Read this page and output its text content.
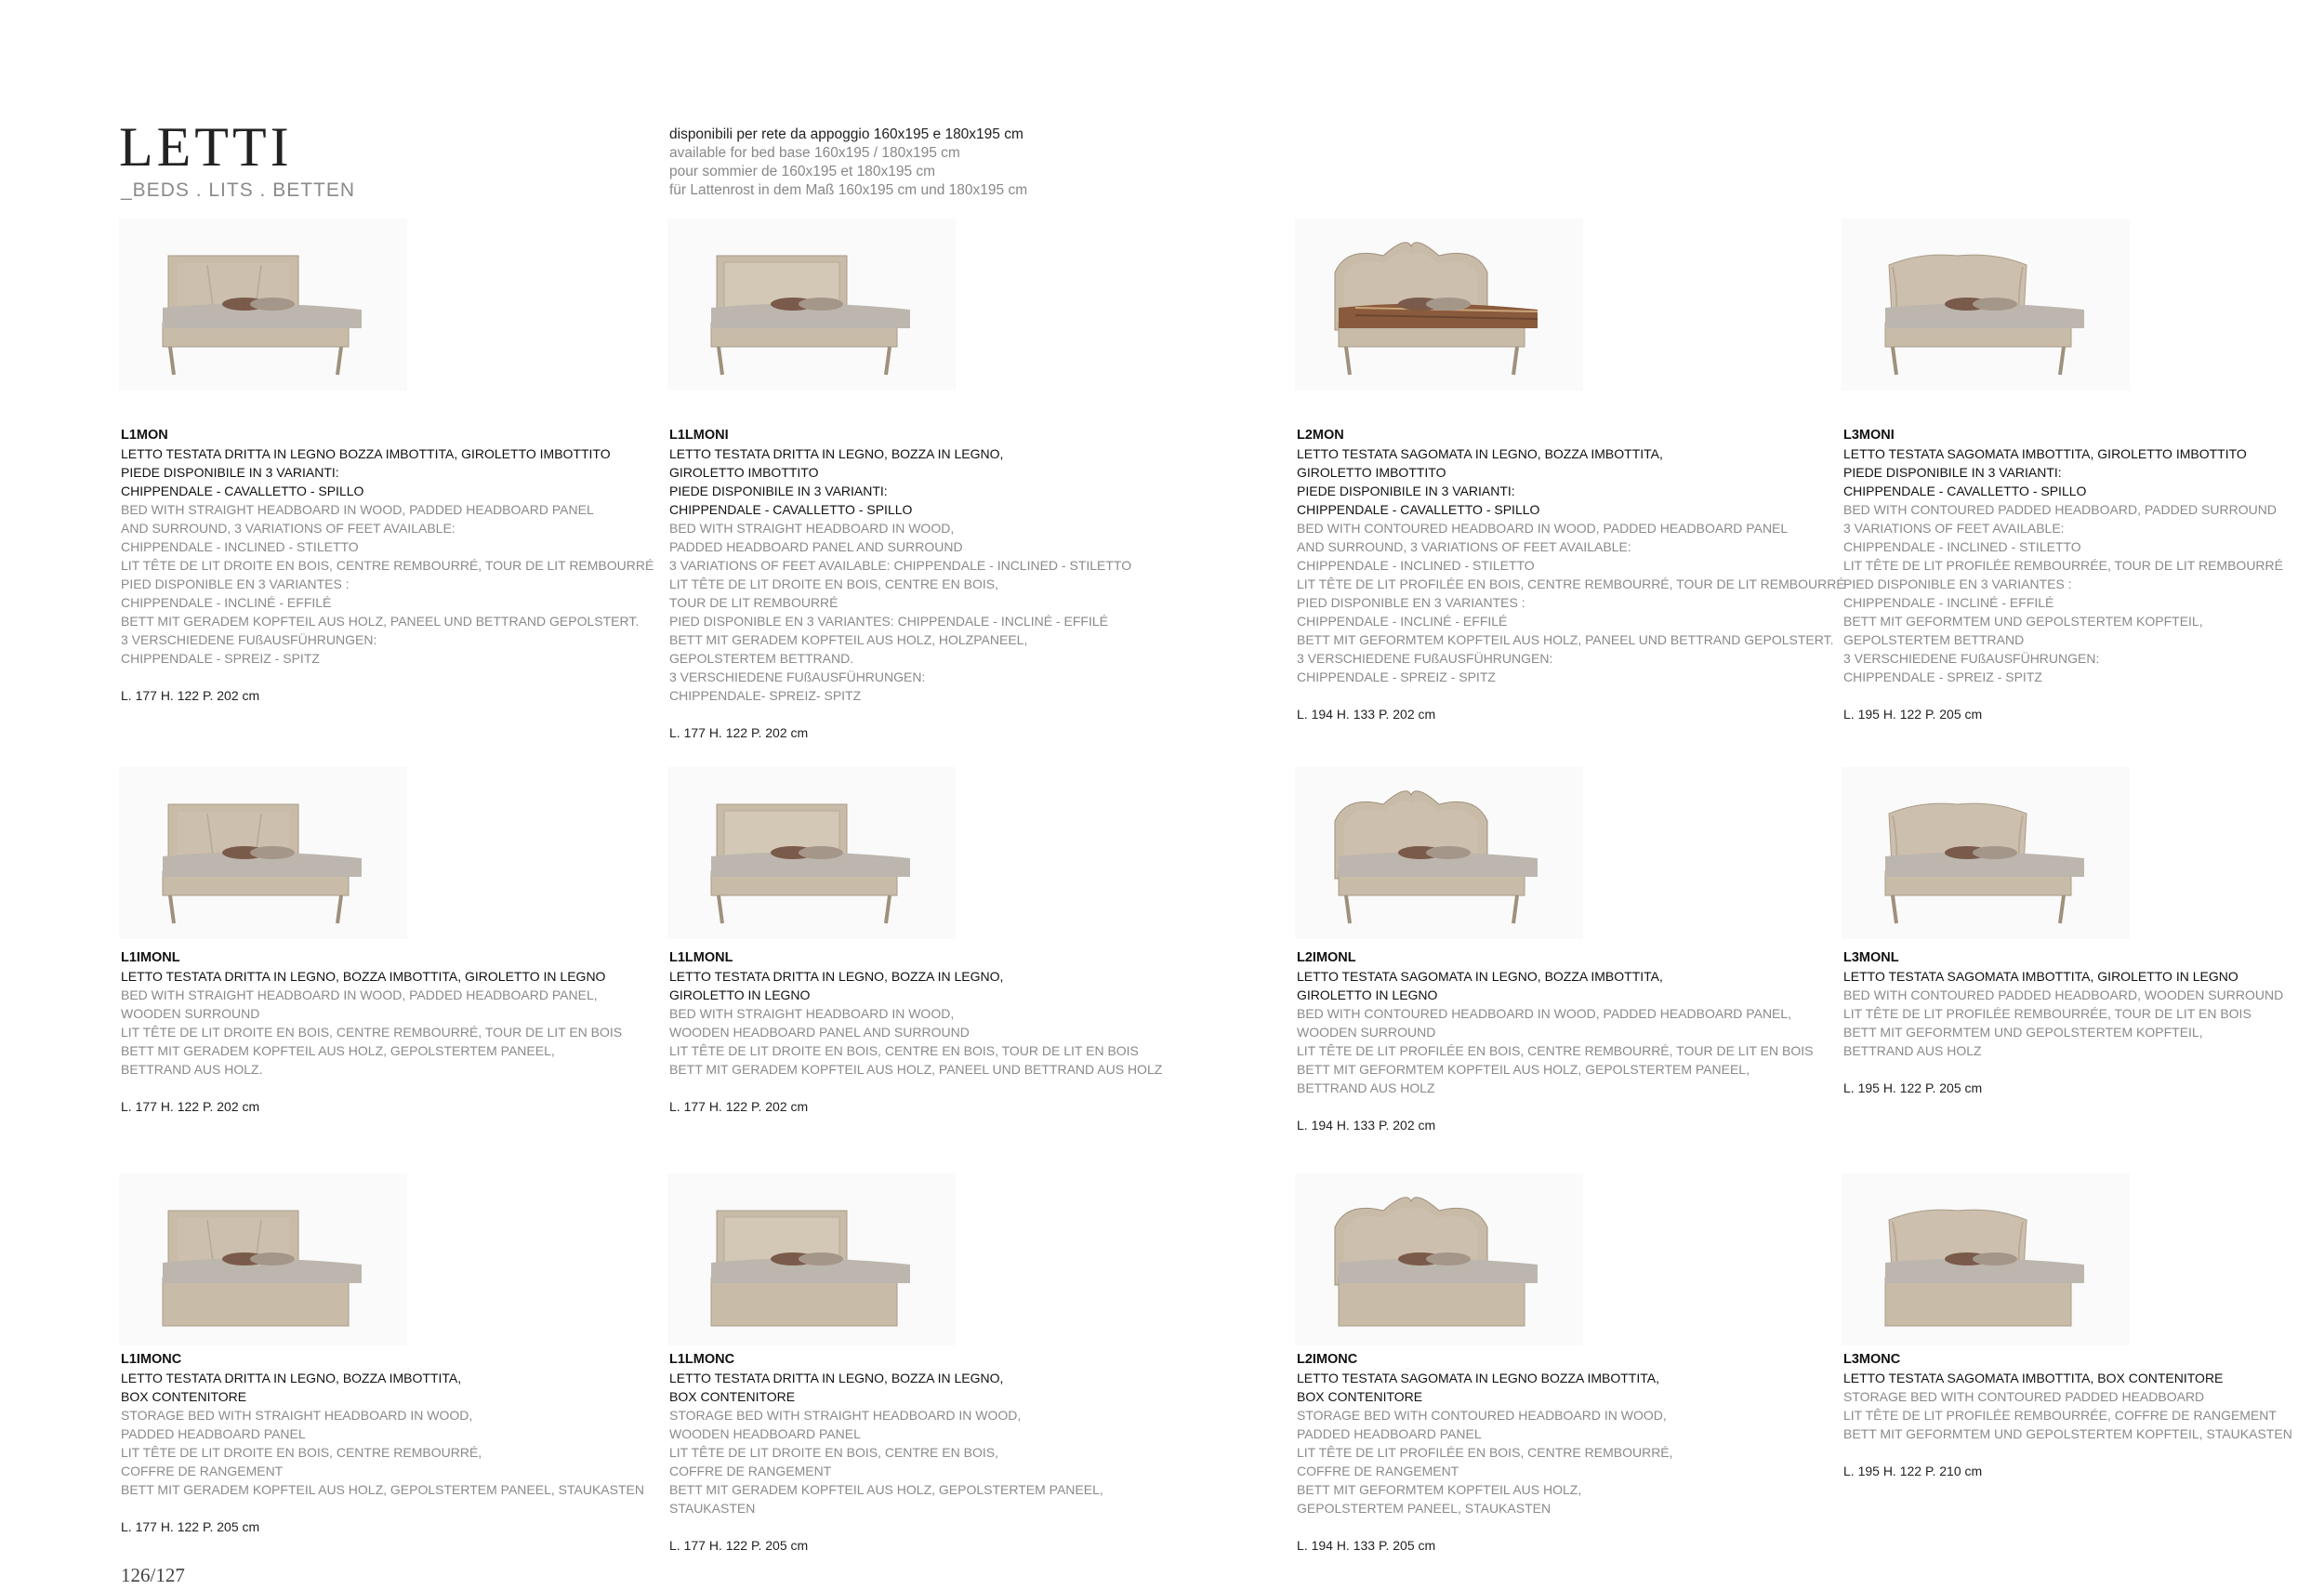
LETTI
_BEDS . LITS . BETTEN
disponibili per rete da appoggio 160x195 e 180x195 cm
available for bed base 160x195 / 180x195 cm
pour sommier de 160x195 et 180x195 cm
für Lattenrost in dem Maß 160x195 cm und 180x195 cm
L1MON
LETTO TESTATA DRITTA IN LEGNO BOZZA IMBOTTITA, GIROLETTO IMBOTTITO
PIEDE DISPONIBILE IN 3 VARIANTI:
CHIPPENDALE - CAVALLETTO - SPILLO
BED WITH STRAIGHT HEADBOARD IN WOOD, PADDED HEADBOARD PANEL
AND SURROUND, 3 VARIATIONS OF FEET AVAILABLE:
CHIPPENDALE - INCLINED - STILETTO
LIT TÊTE DE LIT DROITE EN BOIS, CENTRE REMBOURRÉ, TOUR DE LIT REMBOURRÉ
PIED DISPONIBLE EN 3 VARIANTES :
CHIPPENDALE - INCLINÉ - EFFILÉ
BETT MIT GERADEM KOPFTEIL AUS HOLZ, PANEEL UND BETTRAND GEPOLSTERT.
3 VERSCHIEDENE FUßAUSFÜHRUNGEN:
CHIPPENDALE - SPREIZ - SPITZ
L. 177 H. 122 P. 202 cm
L1LMONI
LETTO TESTATA DRITTA IN LEGNO, BOZZA IN LEGNO,
GIROLETTO IMBOTTITO
PIEDE DISPONIBILE IN 3 VARIANTI:
CHIPPENDALE - CAVALLETTO - SPILLO
BED WITH STRAIGHT HEADBOARD IN WOOD,
PADDED HEADBOARD PANEL AND SURROUND
3 VARIATIONS OF FEET AVAILABLE: CHIPPENDALE - INCLINED - STILETTO
LIT TÊTE DE LIT DROITE EN BOIS, CENTRE EN BOIS,
TOUR DE LIT REMBOURRÉ
PIED DISPONIBLE EN 3 VARIANTES: CHIPPENDALE - INCLINÉ - EFFILÉ
BETT MIT GERADEM KOPFTEIL AUS HOLZ, HOLZPANEEL,
GEPOLSTERTEM BETTRAND.
3 VERSCHIEDENE FUßAUSFÜHRUNGEN:
CHIPPENDALE- SPREIZ- SPITZ
L. 177 H. 122 P. 202 cm
L2MON
LETTO TESTATA SAGOMATA IN LEGNO, BOZZA IMBOTTITA,
GIROLETTO IMBOTTITO
PIEDE DISPONIBILE IN 3 VARIANTI:
CHIPPENDALE - CAVALLETTO - SPILLO
BED WITH CONTOURED HEADBOARD IN WOOD, PADDED HEADBOARD PANEL
AND SURROUND, 3 VARIATIONS OF FEET AVAILABLE:
CHIPPENDALE - INCLINED - STILETTO
LIT TÊTE DE LIT PROFILÉE EN BOIS, CENTRE REMBOURRÉ, TOUR DE LIT REMBOURRÉ
PIED DISPONIBLE EN 3 VARIANTES :
CHIPPENDALE - INCLINÉ - EFFILÉ
BETT MIT GEFORMTEM KOPFTEIL AUS HOLZ, PANEEL UND BETTRAND GEPOLSTERT.
3 VERSCHIEDENE FUßAUSFÜHRUNGEN:
CHIPPENDALE - SPREIZ - SPITZ
L. 194 H. 133 P. 202 cm
L3MONI
LETTO TESTATA SAGOMATA IMBOTTITA, GIROLETTO IMBOTTITO
PIEDE DISPONIBILE IN 3 VARIANTI:
CHIPPENDALE - CAVALLETTO - SPILLO
BED WITH CONTOURED PADDED HEADBOARD, PADDED SURROUND
3 VARIATIONS OF FEET AVAILABLE:
CHIPPENDALE - INCLINED - STILETTO
LIT TÊTE DE LIT PROFILÉE REMBOURRÉE, TOUR DE LIT REMBOURRÉ
PIED DISPONIBLE EN 3 VARIANTES :
CHIPPENDALE - INCLINÉ - EFFILÉ
BETT MIT GEFORMTEM UND GEPOLSTERTEM KOPFTEIL,
GEPOLSTERTEM BETTRAND
3 VERSCHIEDENE FUßAUSFÜHRUNGEN:
CHIPPENDALE - SPREIZ - SPITZ
L. 195 H. 122 P. 205 cm
L1IMONL
LETTO TESTATA DRITTA IN LEGNO, BOZZA IMBOTTITA, GIROLETTO IN LEGNO
BED WITH STRAIGHT HEADBOARD IN WOOD, PADDED HEADBOARD PANEL,
WOODEN SURROUND
LIT TÊTE DE LIT DROITE EN BOIS, CENTRE REMBOURRÉ, TOUR DE LIT EN BOIS
BETT MIT GERADEM KOPFTEIL AUS HOLZ, GEPOLSTERTEM PANEEL,
BETTRAND AUS HOLZ.
L. 177 H. 122 P. 202 cm
L1LMONL
LETTO TESTATA DRITTA IN LEGNO, BOZZA IN LEGNO,
GIROLETTO IN LEGNO
BED WITH STRAIGHT HEADBOARD IN WOOD,
WOODEN HEADBOARD PANEL AND SURROUND
LIT TÊTE DE LIT DROITE EN BOIS, CENTRE EN BOIS, TOUR DE LIT EN BOIS
BETT MIT GERADEM KOPFTEIL AUS HOLZ, PANEEL UND BETTRAND AUS HOLZ
L. 177 H. 122 P. 202 cm
L2IMONL
LETTO TESTATA SAGOMATA IN LEGNO, BOZZA IMBOTTITA,
GIROLETTO IN LEGNO
BED WITH CONTOURED HEADBOARD IN WOOD, PADDED HEADBOARD PANEL,
WOODEN SURROUND
LIT TÊTE DE LIT PROFILÉE EN BOIS, CENTRE REMBOURRÉ, TOUR DE LIT EN BOIS
BETT MIT GEFORMTEM KOPFTEIL AUS HOLZ, GEPOLSTERTEM PANEEL,
BETTRAND AUS HOLZ
L. 194 H. 133 P. 202 cm
L3MONL
LETTO TESTATA SAGOMATA IMBOTTITA, GIROLETTO IN LEGNO
BED WITH CONTOURED PADDED HEADBOARD, WOODEN SURROUND
LIT TÊTE DE LIT PROFILÉE REMBOURRÉE, TOUR DE LIT EN BOIS
BETT MIT GEFORMTEM UND GEPOLSTERTEM KOPFTEIL,
BETTRAND AUS HOLZ
L. 195 H. 122 P. 205 cm
L1IMONC
LETTO TESTATA DRITTA IN LEGNO, BOZZA IMBOTTITA,
BOX CONTENITORE
STORAGE BED WITH STRAIGHT HEADBOARD IN WOOD,
PADDED HEADBOARD PANEL
LIT TÊTE DE LIT DROITE EN BOIS, CENTRE REMBOURRÉ,
COFFRE DE RANGEMENT
BETT MIT GERADEM KOPFTEIL AUS HOLZ, GEPOLSTERTEM PANEEL, STAUKASTEN
L. 177 H. 122 P. 205 cm
L1LMONC
LETTO TESTATA DRITTA IN LEGNO, BOZZA IN LEGNO,
BOX CONTENITORE
STORAGE BED WITH STRAIGHT HEADBOARD IN WOOD,
WOODEN HEADBOARD PANEL
LIT TÊTE DE LIT DROITE EN BOIS, CENTRE EN BOIS,
COFFRE DE RANGEMENT
BETT MIT GERADEM KOPFTEIL AUS HOLZ, GEPOLSTERTEM PANEEL,
STAUKASTEN
L. 177 H. 122 P. 205 cm
L2IMONC
LETTO TESTATA SAGOMATA IN LEGNO BOZZA IMBOTTITA,
BOX CONTENITORE
STORAGE BED WITH CONTOURED HEADBOARD IN WOOD,
PADDED HEADBOARD PANEL
LIT TÊTE DE LIT PROFILÉE EN BOIS, CENTRE REMBOURRÉ,
COFFRE DE RANGEMENT
BETT MIT GEFORMTEM KOPFTEIL AUS HOLZ,
GEPOLSTERTEM PANEEL, STAUKASTEN
L. 194 H. 133 P. 205 cm
L3MONC
LETTO TESTATA SAGOMATA IMBOTTITA, BOX CONTENITORE
STORAGE BED WITH CONTOURED PADDED HEADBOARD
LIT TÊTE DE LIT PROFILÉE REMBOURRÉE, COFFRE DE RANGEMENT
BETT MIT GEFORMTEM UND GEPOLSTERTEM KOPFTEIL, STAUKASTEN
L. 195 H. 122 P. 210 cm
126/127
